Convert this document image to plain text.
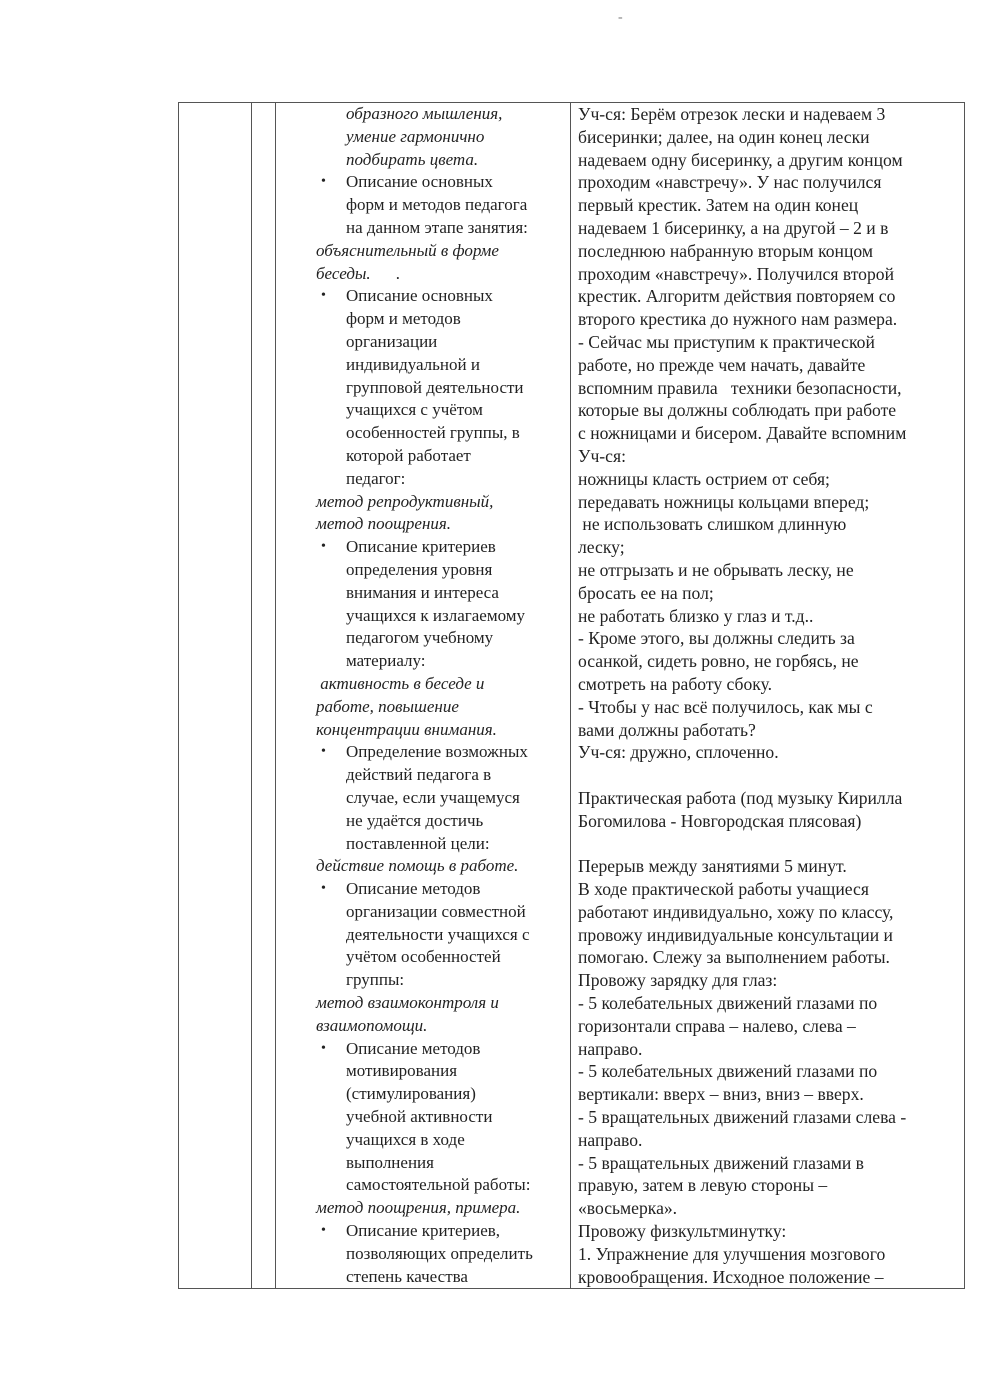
-

образного мышления,

умение гармонично

подбирать цвета.

• Описание основных
форм и методов педагога
на данном этапе занятия:

объяснительный в форме

беседы.      .

• Описание основных
форм и методов
организации
индивидуальной и
групповой деятельности
учащихся с учётом
особенностей группы, в
которой работает
педагог:

метод репродуктивный,

метод поощрения.

• Описание критериев
определения уровня
внимания и интереса
учащихся к излагаемому
педагогом учебному
материалу:

активность в беседе и

работе, повышение

концентрации внимания.

• Определение возможных
действий педагога в
случае, если учащемуся
не удаётся достичь
поставленной цели:

действие помощь в работе.

• Описание методов
организации совместной
деятельности учащихся с
учётом особенностей
группы:

метод взаимоконтроля и

взаимопомощи.

• Описание методов
мотивирования
(стимулирования)
учебной активности
учащихся в ходе
выполнения
самостоятельной работы:

метод поощрения, примера.

• Описание критериев,
позволяющих определить
степень качества

Уч-ся: Берём отрезок лески и надеваем 3

бисеринки; далее, на один конец лески

надеваем одну бисеринку, а другим концом

проходим «навстречу». У нас получился

первый крестик. Затем на один конец

надеваем 1 бисеринку, а на другой – 2 и в

последнюю набранную вторым концом

проходим «навстречу». Получился второй

крестик. Алгоритм действия повторяем со

второго крестика до нужного нам размера.

- Сейчас мы приступим к практической

работе, но прежде чем начать, давайте

вспомним правила   техники безопасности,

которые вы должны соблюдать при работе

с ножницами и бисером. Давайте вспомним

Уч-ся:

ножницы класть острием от себя;

передавать ножницы кольцами вперед;

не использовать слишком длинную

леску;

не отгрызать и не обрывать леску, не

бросать ее на пол;

не работать близко у глаз и т.д..

- Кроме этого, вы должны следить за

осанкой, сидеть ровно, не горбясь, не

смотреть на работу сбоку.

- Чтобы у нас всё получилось, как мы с

вами должны работать?

Уч-ся: дружно, сплоченно.

Практическая работа (под музыку Кирилла

Богомилова - Новгородская плясовая)

Перерыв между занятиями 5 минут.

В ходе практической работы учащиеся

работают индивидуально, хожу по классу,

провожу индивидуальные консультации и

помогаю. Слежу за выполнением работы.

Провожу зарядку для глаз:

- 5 колебательных движений глазами по

горизонтали справа – налево, слева –

направо.

- 5 колебательных движений глазами по

вертикали: вверх – вниз, вниз – вверх.

- 5 вращательных движений глазами слева -

направо.

- 5 вращательных движений глазами в

правую, затем в левую стороны –

«восьмерка».

Провожу физкультминутку:

1. Упражнение для улучшения мозгового

кровообращения. Исходное положение –
